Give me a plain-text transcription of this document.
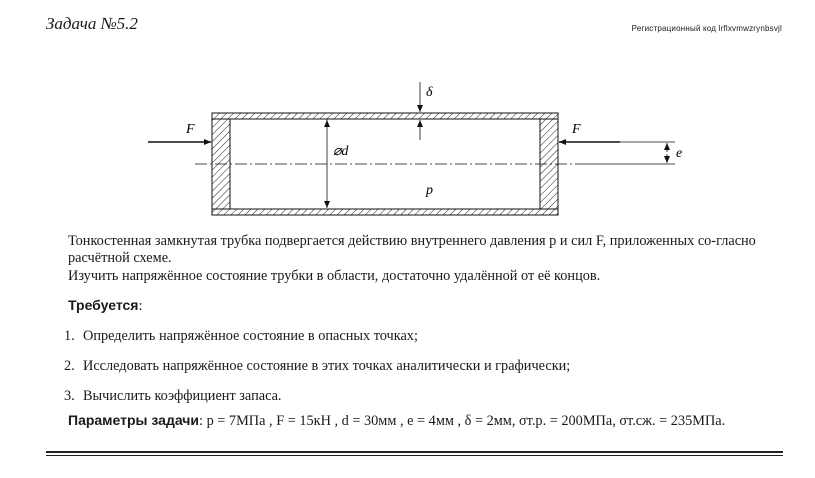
Задача №5.2	Регистрационный код lrflxvmwzrynbsvjl
F	F
δ
⌀d	e
p

Тонкостенная замкнутая трубка подвергается действию внутреннего давления p и сил F, приложенных со-гласно расчётной схеме.

Изучить напряжённое состояние трубки в области, достаточно удалённой от её концов.

Требуется:
1. Определить напряжённое состояние в опасных точках;
2. Исследовать напряжённое состояние в этих точках аналитически и графически;
3. Вычислить коэффициент запаса.
Параметры задачи: p = 7МПа , F = 15кН , d = 30мм , e = 4мм , δ = 2мм, σт.р. = 200МПа, σт.сж. = 235МПа.
